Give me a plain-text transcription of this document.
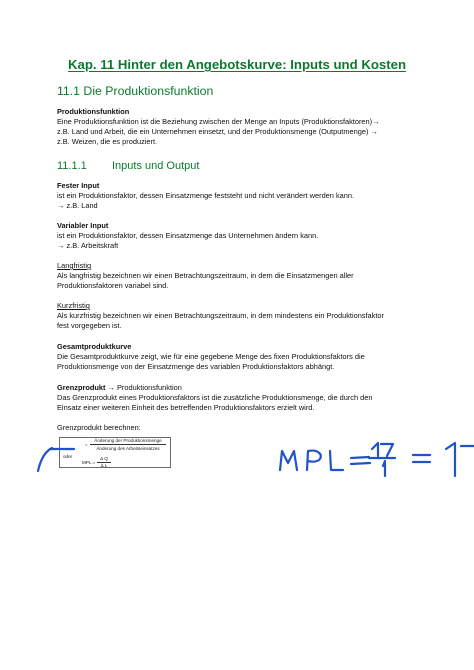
Kap. 11 Hinter den Angebotskurve: Inputs und Kosten
11.1 Die Produktionsfunktion
Produktionsfunktion
Eine Produktionsfunktion ist die Beziehung zwischen der Menge an Inputs (Produktionsfaktoren)→
z.B. Land und Arbeit, die ein Unternehmen einsetzt, und der Produktionsmenge (Outputmenge) →
z.B. Weizen, die es produziert.
11.1.1 Inputs und Output
Fester Input
ist ein Produktionsfaktor, dessen Einsatzmenge feststeht und nicht verändert werden kann.
→ z.B. Land
Variabler Input
ist ein Produktionsfaktor, dessen Einsatzmenge das Unternehmen ändern kann.
→ z.B. Arbeitskraft
Langfristig
Als langfristig bezeichnen wir einen Betrachtungszeitraum, in dem die Einsatzmengen aller
Produktionsfaktoren variabel sind.
Kurzfristig
Als kurzfristig bezeichnen wir einen Betrachtungszeitraum, in dem mindestens ein Produktionsfaktor
fest vorgegeben ist.
Gesamtproduktkurve
Die Gesamtproduktkurve zeigt, wie für eine gegebene Menge des fixen Produktionsfaktors die
Produktionsmenge von der Einsatzmenge des variablen Produktionsfaktors abhängt.
Grenzprodukt → Produktionsfunktion
Das Grenzprodukt eines Produktionsfaktors ist die zusätzliche Produktionsmenge, die durch den
Einsatz einer weiteren Einheit des betreffenden Produktionsfaktors erzielt wird.
Grenzprodukt berechnen:
=
Änderung der Produktionsmenge
Änderung des Arbeitseinsatzes
oder
MPL =
Δ Q
Δ L
